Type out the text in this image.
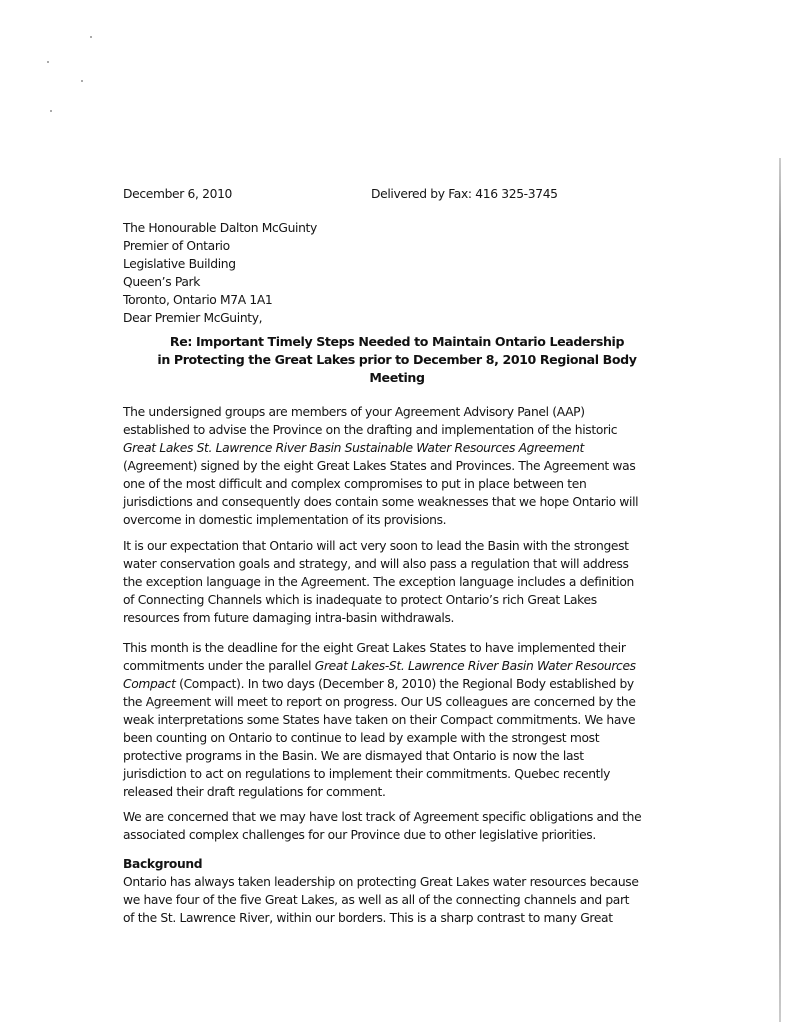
December 6, 2010	Delivered by Fax: 416 325-3745
The Honourable Dalton McGuinty
Premier of Ontario
Legislative Building
Queen’s Park
Toronto, Ontario M7A 1A1
Dear Premier McGuinty,
Re: Important Timely Steps Needed to Maintain Ontario Leadership
in Protecting the Great Lakes prior to December 8, 2010 Regional Body
Meeting
The undersigned groups are members of your Agreement Advisory Panel (AAP)
established to advise the Province on the drafting and implementation of the historic
Great Lakes St. Lawrence River Basin Sustainable Water Resources Agreement
(Agreement) signed by the eight Great Lakes States and Provinces. The Agreement was
one of the most difficult and complex compromises to put in place between ten
jurisdictions and consequently does contain some weaknesses that we hope Ontario will
overcome in domestic implementation of its provisions.
It is our expectation that Ontario will act very soon to lead the Basin with the strongest
water conservation goals and strategy, and will also pass a regulation that will address
the exception language in the Agreement. The exception language includes a definition
of Connecting Channels which is inadequate to protect Ontario’s rich Great Lakes
resources from future damaging intra-basin withdrawals.
This month is the deadline for the eight Great Lakes States to have implemented their
commitments under the parallel Great Lakes-St. Lawrence River Basin Water Resources
Compact (Compact). In two days (December 8, 2010) the Regional Body established by
the Agreement will meet to report on progress. Our US colleagues are concerned by the
weak interpretations some States have taken on their Compact commitments. We have
been counting on Ontario to continue to lead by example with the strongest most
protective programs in the Basin. We are dismayed that Ontario is now the last
jurisdiction to act on regulations to implement their commitments. Quebec recently
released their draft regulations for comment.
We are concerned that we may have lost track of Agreement specific obligations and the
associated complex challenges for our Province due to other legislative priorities.
Background
Ontario has always taken leadership on protecting Great Lakes water resources because
we have four of the five Great Lakes, as well as all of the connecting channels and part
of the St. Lawrence River, within our borders. This is a sharp contrast to many Great
